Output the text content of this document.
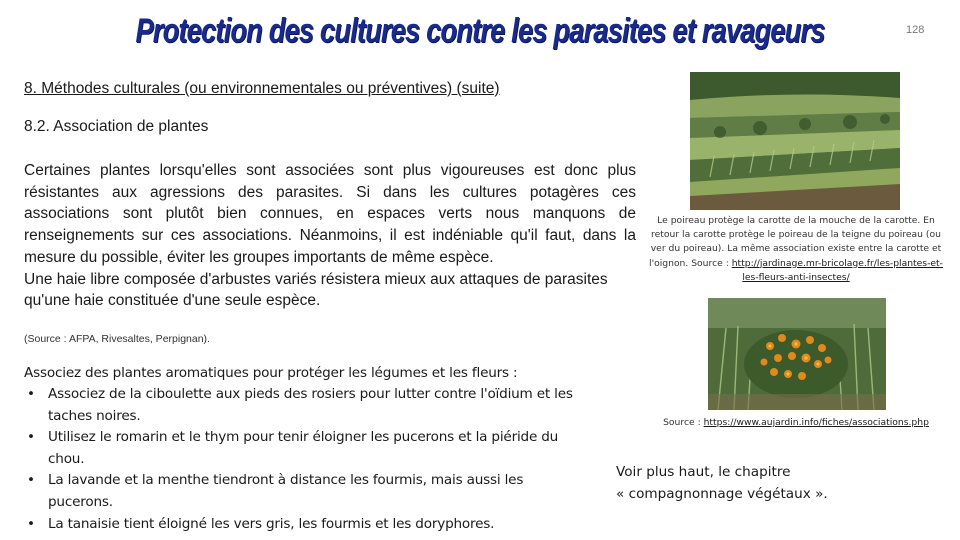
Protection des cultures contre les parasites et ravageurs	128
8. Méthodes culturales (ou environnementales ou préventives) (suite)
8.2. Association de plantes

Certaines plantes lorsqu'elles sont associées sont plus vigoureuses est donc plus résistantes aux agressions des parasites. Si dans les cultures potagères ces associations sont plutôt bien connues, en espaces verts nous manquons de renseignements sur ces associations. Néanmoins, il est indéniable qu'il faut, dans la mesure du possible, éviter les groupes importants de même espèce.

Une haie libre composée d'arbustes variés résistera mieux aux attaques de parasites qu'une haie constituée d'une seule espèce.

(Source : AFPA, Rivesaltes, Perpignan).
Associez des plantes aromatiques pour protéger les légumes et les fleurs :
• Associez de la ciboulette aux pieds des rosiers pour lutter contre l'oïdium et les taches noires.
• Utilisez le romarin et le thym pour tenir éloigner les pucerons et la piéride du chou.
• La lavande et la menthe tiendront à distance les fourmis, mais aussi les pucerons.
• La tanaisie tient éloigné les vers gris, les fourmis et les doryphores.
Le poireau protège la carotte de la mouche de la carotte. En retour la carotte protège le poireau de la teigne du poireau (ou ver du poireau). La même association existe entre la carotte et l'oignon. Source : http://jardinage.mr-bricolage.fr/les-plantes-et-les-fleurs-anti-insectes/
Source : https://www.aujardin.info/fiches/associations.php
Voir plus haut, le chapitre
« compagnonnage végétaux ».
